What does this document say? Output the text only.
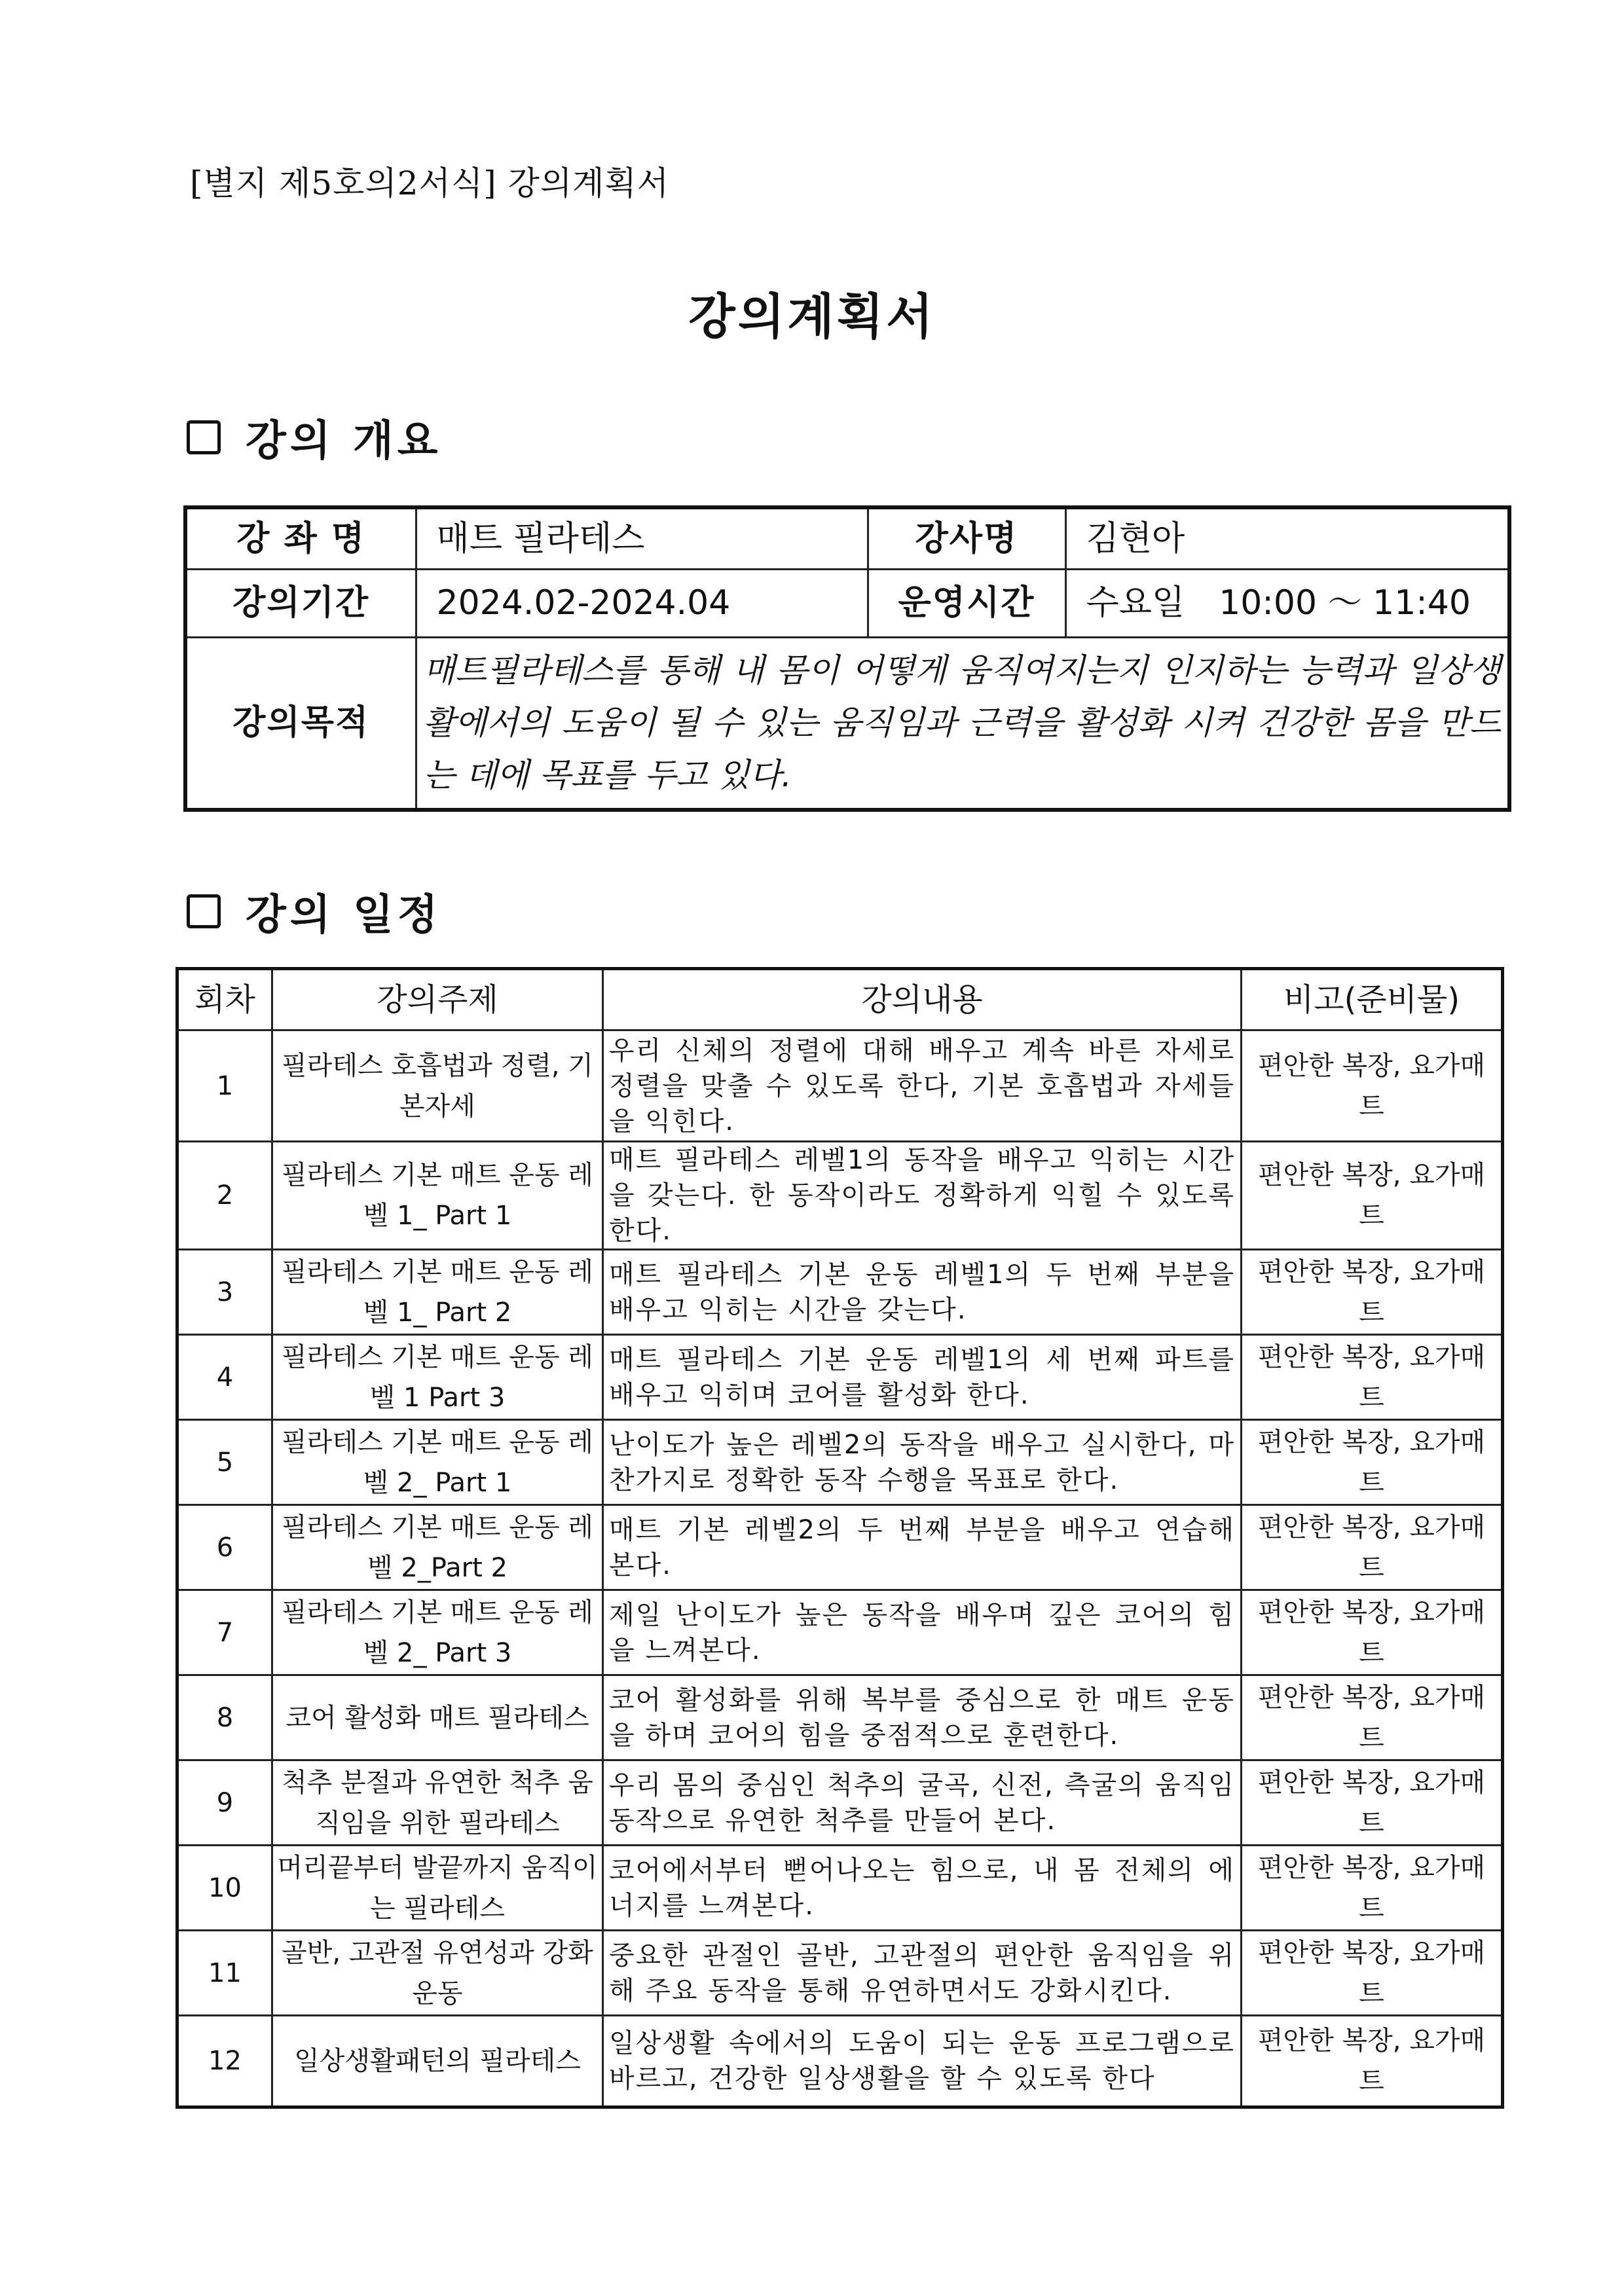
[별지 제5호의2서식] 강의계획서
강의계획서
강의 개요
강 좌 명	매트 필라테스	강사명	김현아
강의기간	2024.02-2024.04	운영시간	수요일　10:00 ～ 11:40
강의목적	매트필라테스를 통해 내 몸이 어떻게 움직여지는지 인지하는 능력과 일상생활에서의 도움이 될 수 있는 움직임과 근력을 활성화 시켜 건강한 몸을 만드는 데에 목표를 두고 있다.		
강의 일정
회차	강의주제	강의내용	비고(준비물)
1	필라테스 호흡법과 정렬, 기본자세	우리 신체의 정렬에 대해 배우고 계속 바른 자세로 정렬을 맞출 수 있도록 한다, 기본 호흡법과 자세들을 익힌다.	편안한 복장, 요가매트
2	필라테스 기본 매트 운동 레벨 1_ Part 1	매트 필라테스 레벨1의 동작을 배우고 익히는 시간을 갖는다. 한 동작이라도 정확하게 익힐 수 있도록 한다.	편안한 복장, 요가매트
3	필라테스 기본 매트 운동 레벨 1_ Part 2	매트 필라테스 기본 운동 레벨1의 두 번째 부분을 배우고 익히는 시간을 갖는다.	편안한 복장, 요가매트
4	필라테스 기본 매트 운동 레벨 1 Part 3	매트 필라테스 기본 운동 레벨1의 세 번째 파트를 배우고 익히며 코어를 활성화 한다.	편안한 복장, 요가매트
5	필라테스 기본 매트 운동 레벨 2_ Part 1	난이도가 높은 레벨2의 동작을 배우고 실시한다, 마찬가지로 정확한 동작 수행을 목표로 한다.	편안한 복장, 요가매트
6	필라테스 기본 매트 운동 레벨 2_Part 2	매트 기본 레벨2의 두 번째 부분을 배우고 연습해 본다.	편안한 복장, 요가매트
7	필라테스 기본 매트 운동 레벨 2_ Part 3	제일 난이도가 높은 동작을 배우며 깊은 코어의 힘을 느껴본다.	편안한 복장, 요가매트
8	코어 활성화 매트 필라테스	코어 활성화를 위해 복부를 중심으로 한 매트 운동을 하며 코어의 힘을 중점적으로 훈련한다.	편안한 복장, 요가매트
9	척추 분절과 유연한 척추 움직임을 위한 필라테스	우리 몸의 중심인 척추의 굴곡, 신전, 측굴의 움직임 동작으로 유연한 척추를 만들어 본다.	편안한 복장, 요가매트
10	머리끝부터 발끝까지 움직이는 필라테스	코어에서부터 뻗어나오는 힘으로, 내 몸 전체의 에너지를 느껴본다.	편안한 복장, 요가매트
11	골반, 고관절 유연성과 강화 운동	중요한 관절인 골반, 고관절의 편안한 움직임을 위해 주요 동작을 통해 유연하면서도 강화시킨다.	편안한 복장, 요가매트
12	일상생활패턴의 필라테스	일상생활 속에서의 도움이 되는 운동 프로그램으로 바르고, 건강한 일상생활을 할 수 있도록 한다	편안한 복장, 요가매트
